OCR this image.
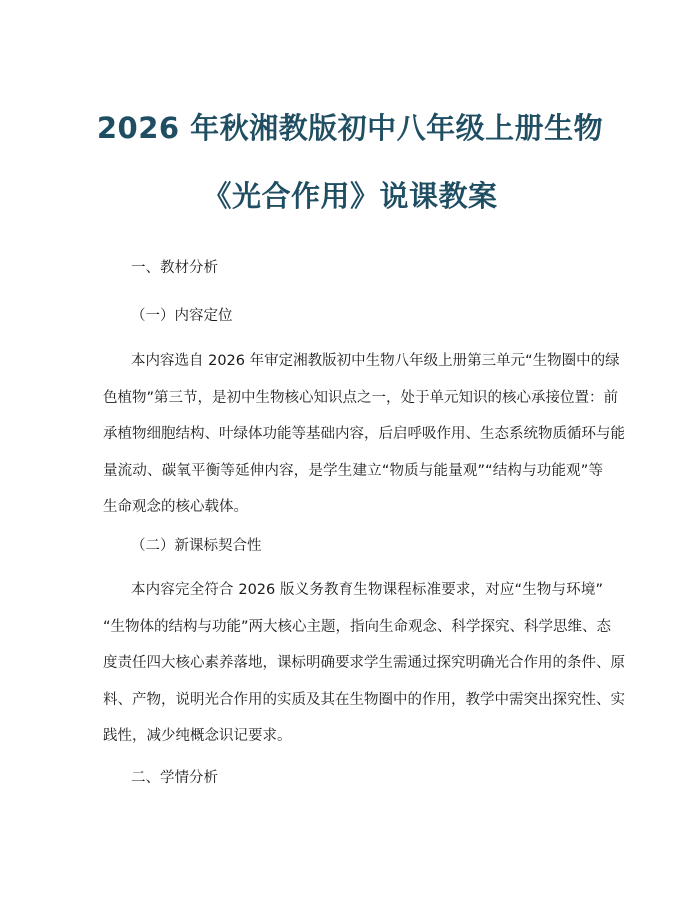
2026 年秋湘教版初中八年级上册生物
《光合作用》说课教案
一、教材分析
（一）内容定位
本内容选自 2026 年审定湘教版初中生物八年级上册第三单元“生物圈中的绿
色植物”第三节，是初中生物核心知识点之一，处于单元知识的核心承接位置：前
承植物细胞结构、叶绿体功能等基础内容，后启呼吸作用、生态系统物质循环与能
量流动、碳氧平衡等延伸内容，是学生建立“物质与能量观”“结构与功能观”等
生命观念的核心载体。
（二）新课标契合性
本内容完全符合 2026 版义务教育生物课程标准要求，对应“生物与环境”
“生物体的结构与功能”两大核心主题，指向生命观念、科学探究、科学思维、态
度责任四大核心素养落地，课标明确要求学生需通过探究明确光合作用的条件、原
料、产物，说明光合作用的实质及其在生物圈中的作用，教学中需突出探究性、实
践性，减少纯概念识记要求。
二、学情分析
